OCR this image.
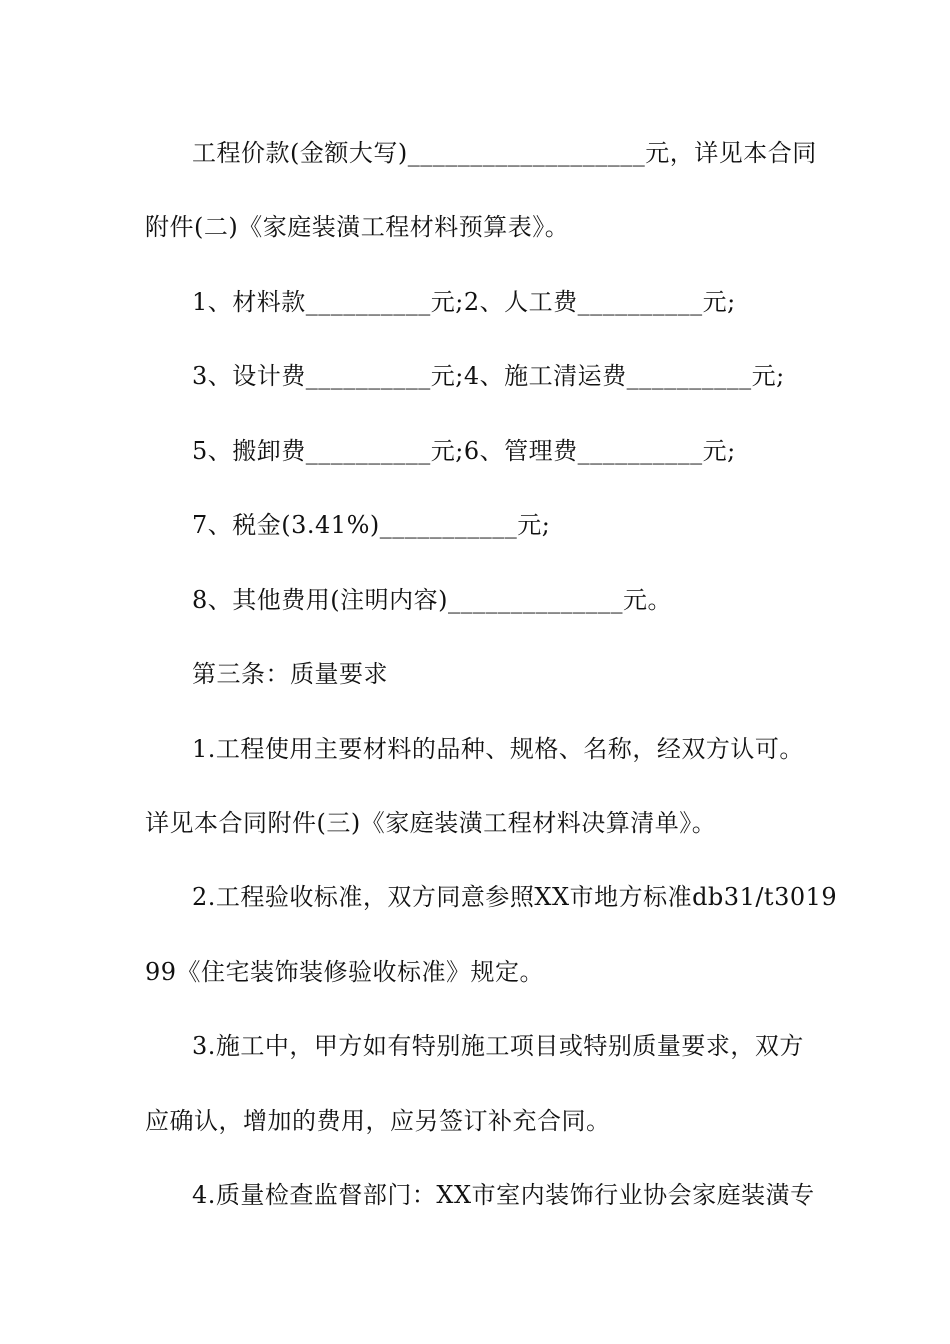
工程价款(金额大写)___________________元，详见本合同
附件(二)《家庭装潢工程材料预算表》。
1、材料款__________元;2、人工费__________元;
3、设计费__________元;4、施工清运费__________元;
5、搬卸费__________元;6、管理费__________元;
7、税金(3.41%)___________元;
8、其他费用(注明内容)______________元。
第三条：质量要求
1.工程使用主要材料的品种、规格、名称，经双方认可。
详见本合同附件(三)《家庭装潢工程材料决算清单》。
2.工程验收标准，双方同意参照XX市地方标准db31/t3019
99《住宅装饰装修验收标准》规定。
3.施工中，甲方如有特别施工项目或特别质量要求，双方
应确认，增加的费用，应另签订补充合同。
4.质量检查监督部门：XX市室内装饰行业协会家庭装潢专
